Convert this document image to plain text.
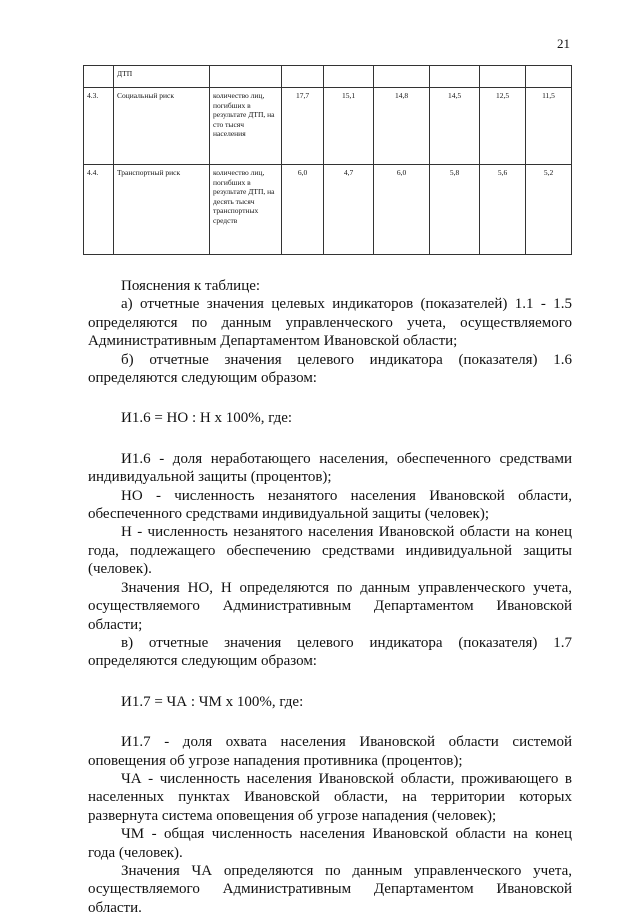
21
	ДТП							
4.3.	Социальный риск	количество лиц, погибших в результате ДТП, на сто тысяч населения	17,7	15,1	14,8	14,5	12,5	11,5
4.4.	Транспортный риск	количество лиц, погибших в результате ДТП, на десять тысяч транспортных средств	6,0	4,7	6,0	5,8	5,6	5,2

Пояснения к таблице:

а) отчетные значения целевых индикаторов (показателей) 1.1 - 1.5 определяются по данным управленческого учета, осуществляемого Административным Департаментом Ивановской области;

б) отчетные значения целевого индикатора (показателя) 1.6 определяются следующим образом:

И1.6 = НО : Н х 100%, где:

И1.6 - доля неработающего населения, обеспеченного средствами индивидуальной защиты (процентов);

НО - численность незанятого населения Ивановской области, обеспеченного средствами индивидуальной защиты (человек);

Н - численность незанятого населения Ивановской области на конец года, подлежащего обеспечению средствами индивидуальной защиты (человек).

Значения НО, Н определяются по данным управленческого учета, осуществляемого Административным Департаментом Ивановской области;

в) отчетные значения целевого индикатора (показателя) 1.7 определяются следующим образом:

И1.7 = ЧА : ЧМ х 100%, где:

И1.7 - доля охвата населения Ивановской области системой оповещения об угрозе нападения противника (процентов);

ЧА - численность населения Ивановской области, проживающего в населенных пунктах Ивановской области, на территории которых развернута система оповещения об угрозе нападения (человек);

ЧМ - общая численность населения Ивановской области на конец года (человек).

Значения ЧА определяются по данным управленческого учета, осуществляемого Административным Департаментом Ивановской области.
